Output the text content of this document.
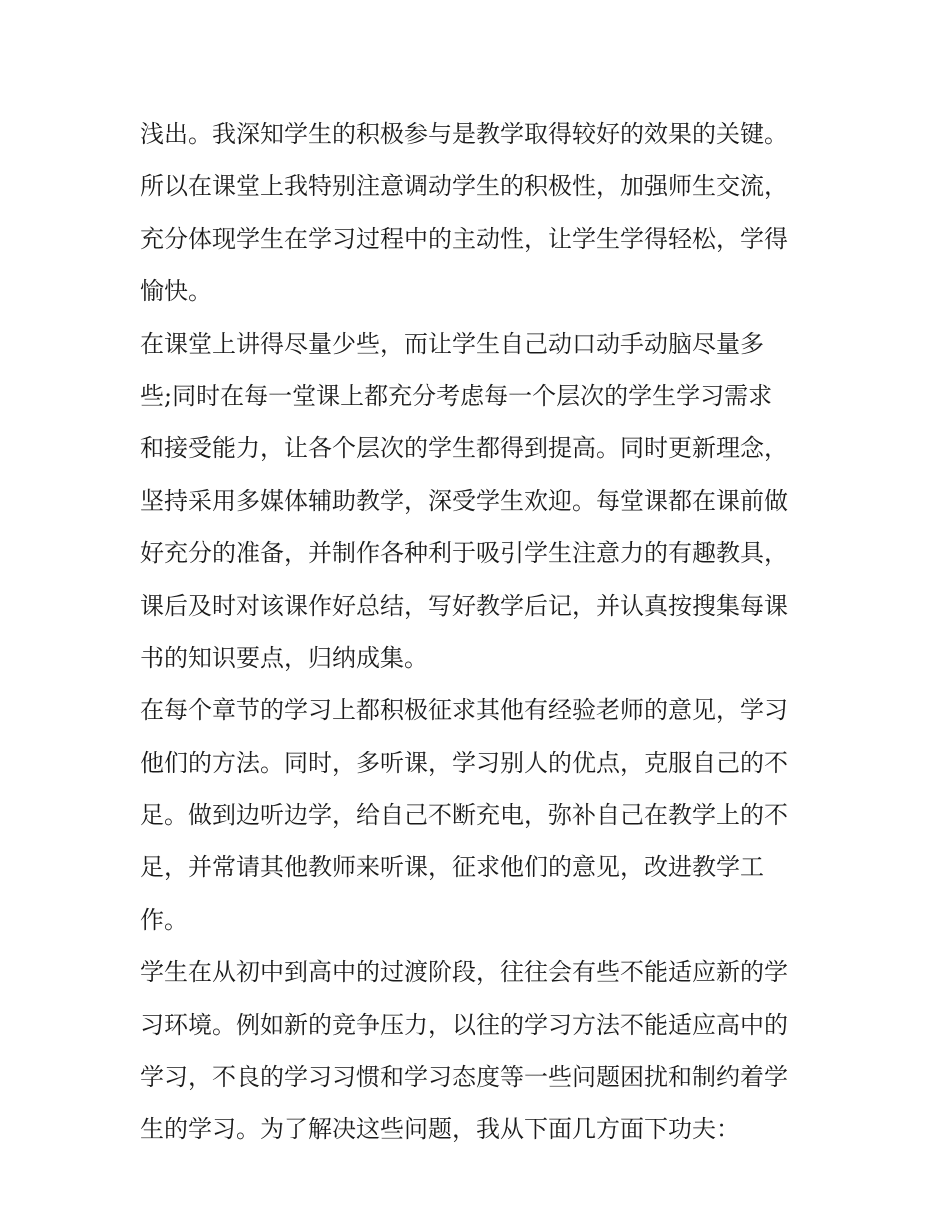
浅出。我深知学生的积极参与是教学取得较好的效果的关键。
所以在课堂上我特别注意调动学生的积极性，加强师生交流，
充分体现学生在学习过程中的主动性，让学生学得轻松，学得
愉快。
在课堂上讲得尽量少些，而让学生自己动口动手动脑尽量多
些;同时在每一堂课上都充分考虑每一个层次的学生学习需求
和接受能力，让各个层次的学生都得到提高。同时更新理念，
坚持采用多媒体辅助教学，深受学生欢迎。每堂课都在课前做
好充分的准备，并制作各种利于吸引学生注意力的有趣教具，
课后及时对该课作好总结，写好教学后记，并认真按搜集每课
书的知识要点，归纳成集。
在每个章节的学习上都积极征求其他有经验老师的意见，学习
他们的方法。同时，多听课，学习别人的优点，克服自己的不
足。做到边听边学，给自己不断充电，弥补自己在教学上的不
足，并常请其他教师来听课，征求他们的意见，改进教学工
作。
学生在从初中到高中的过渡阶段，往往会有些不能适应新的学
习环境。例如新的竞争压力，以往的学习方法不能适应高中的
学习，不良的学习习惯和学习态度等一些问题困扰和制约着学
生的学习。为了解决这些问题，我从下面几方面下功夫：
